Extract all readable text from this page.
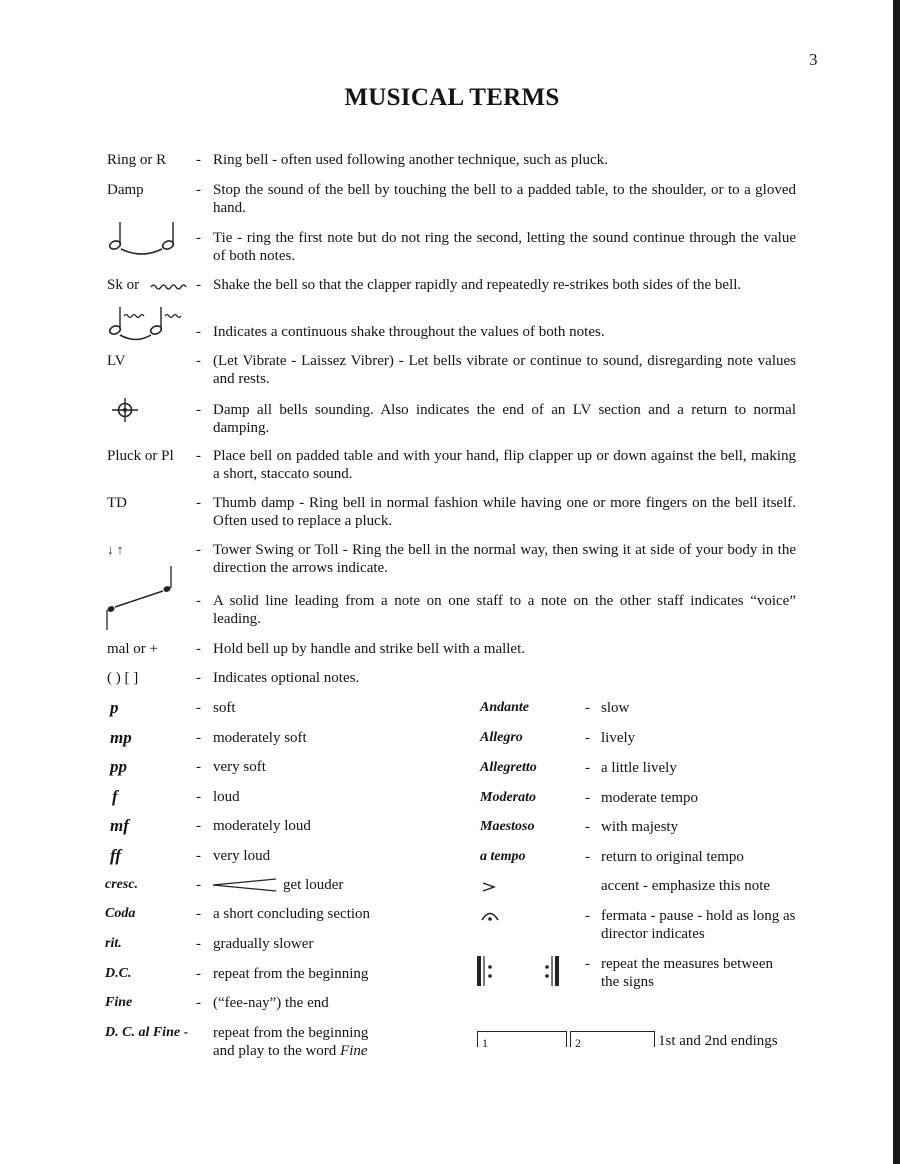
3
MUSICAL TERMS
Ring or R - Ring bell - often used following another technique, such as pluck.
Damp	- Stop the sound of the bell by touching the bell to a padded table, to the shoulder, or to a gloved hand.
- Tie - ring the first note but do not ring the second, letting the sound continue through the value of both notes.
Sk or	- Shake the bell so that the clapper rapidly and repeatedly re-strikes both sides of the bell.
- Indicates a continuous shake throughout the values of both notes.
LV	- (Let Vibrate - Laissez Vibrer) - Let bells vibrate or continue to sound, disregarding note values and rests.
- Damp all bells sounding. Also indicates the end of an LV section and a return to normal damping.
Pluck or Pl - Place bell on padded table and with your hand, flip clapper up or down against the bell, making a short, staccato sound.
TD	- Thumb damp - Ring bell in normal fashion while having one or more fingers on the bell itself. Often used to replace a pluck.
↓ ↑	- Tower Swing or Toll - Ring the bell in the normal way, then swing it at side of your body in the direction the arrows indicate.
- A solid line leading from a note on one staff to a note on the other staff indicates “voice” leading.
mal or +	- Hold bell up by handle and strike bell with a mallet.
( ) [ ]	- Indicates optional notes.
p	- soft
mp	- moderately soft
pp	- very soft
f	- loud
mf	- moderately loud
ff	- very loud
cresc.	-	get louder
Coda	- a short concluding section
rit.	- gradually slower
D.C.	- repeat from the beginning
Fine	- (“fee-nay”) the end
D. C. al Fine - repeat from the beginning
and play to the word Fine
Andante	- slow
Allegro	- lively
Allegretto	- a little lively
Moderato	- moderate tempo
Maestoso	- with majesty
a tempo	- return to original tempo
accent - emphasize this note
- fermata - pause - hold as long as director indicates
- repeat the measures between the signs
1	2	1st and 2nd endings
